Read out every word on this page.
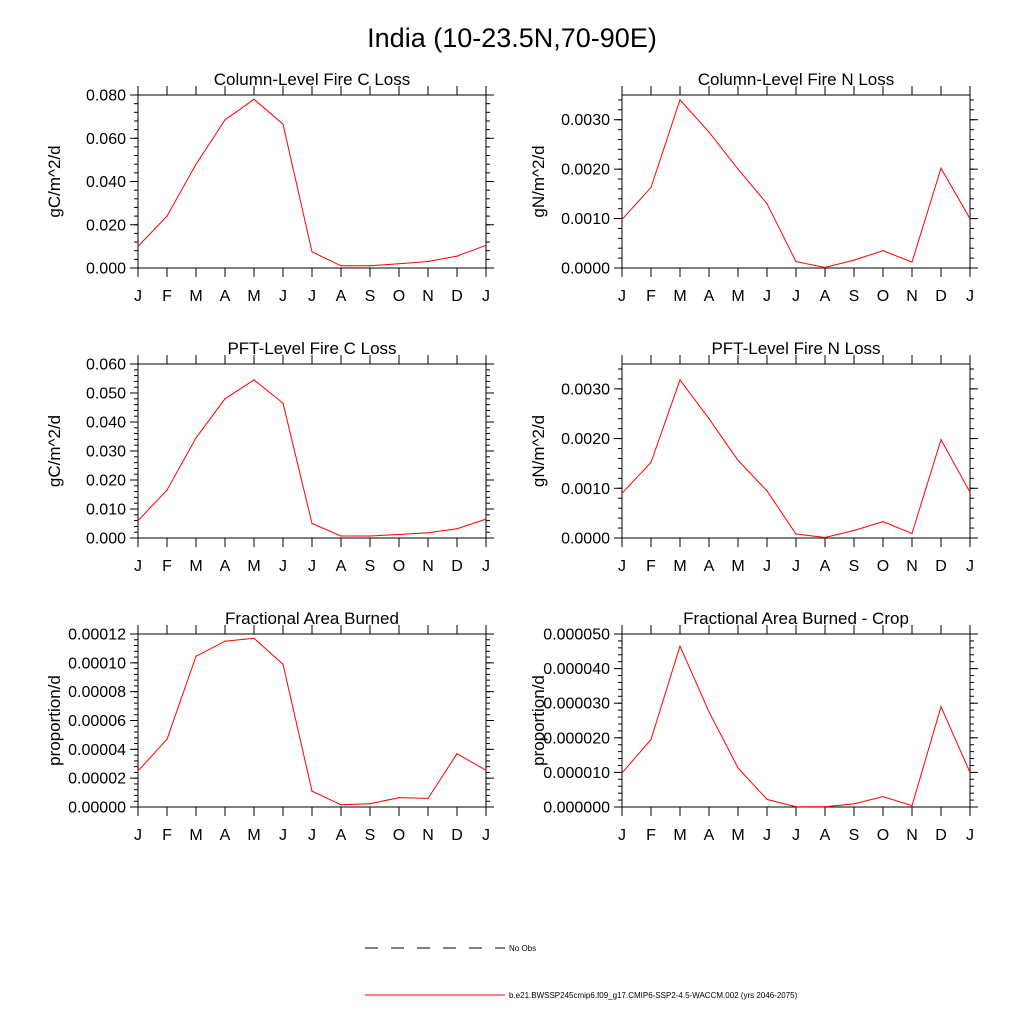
India (10-23.5N,70-90E)
Column-Level Fire C Loss
gC/m^2/d
0.000
0.020
0.040
0.060
0.080
J F M A M J J A S O N D J
Column-Level Fire N Loss
gN/m^2/d
0.0000
0.0010
0.0020
0.0030
J F M A M J J A S O N D J
PFT-Level Fire C Loss
gC/m^2/d
0.000
0.010
0.020
0.030
0.040
0.050
0.060
J F M A M J J A S O N D J
PFT-Level Fire N Loss
gN/m^2/d
0.0000
0.0010
0.0020
0.0030
J F M A M J J A S O N D J
Fractional Area Burned
proportion/d
0.00000
0.00002
0.00004
0.00006
0.00008
0.00010
0.00012
J F M A M J J A S O N D J
Fractional Area Burned - Crop
proportion/d
0.000000
0.000010
0.000020
0.000030
0.000040
0.000050
J F M A M J J A S O N D J
No Obs
b.e21.BWSSP245cmip6.f09_g17.CMIP6-SSP2-4.5-WACCM.002 (yrs 2046-2075)
